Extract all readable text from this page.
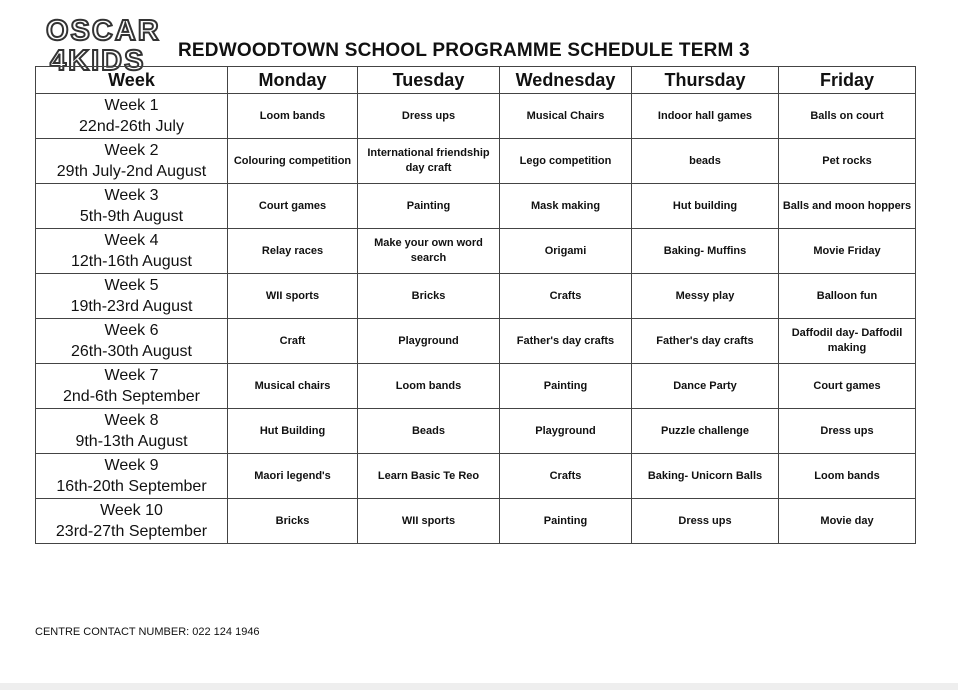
OSCAR
4KIDS REDWOODTOWN SCHOOL PROGRAMME SCHEDULE TERM 3
Week	Monday	Tuesday	Wednesday	Thursday	Friday

Week 1
22nd-26th July	Loom bands	Dress ups	Musical Chairs	Indoor hall games	Balls on court

Week 2
29th July-2nd August	Colouring competition	International friendship day craft	Lego competition	beads	Pet rocks

Week 3
5th-9th August	Court games	Painting	Mask making	Hut building	Balls and moon hoppers

Week 4
12th-16th August	Relay races	Make your own word search	Origami	Baking- Muffins	Movie Friday

Week 5
19th-23rd August	WII sports	Bricks	Crafts	Messy play	Balloon fun

Week 6
26th-30th August	Craft	Playground	Father's day crafts	Father's day crafts	Daffodil day- Daffodil making

Week 7
2nd-6th September	Musical chairs	Loom bands	Painting	Dance Party	Court games

Week 8
9th-13th August	Hut Building	Beads	Playground	Puzzle challenge	Dress ups

Week 9
16th-20th September	Maori legend's	Learn Basic Te Reo	Crafts	Baking- Unicorn Balls	Loom bands

Week 10
23rd-27th September	Bricks	WII sports	Painting	Dress ups	Movie day
CENTRE CONTACT NUMBER: 022 124 1946
